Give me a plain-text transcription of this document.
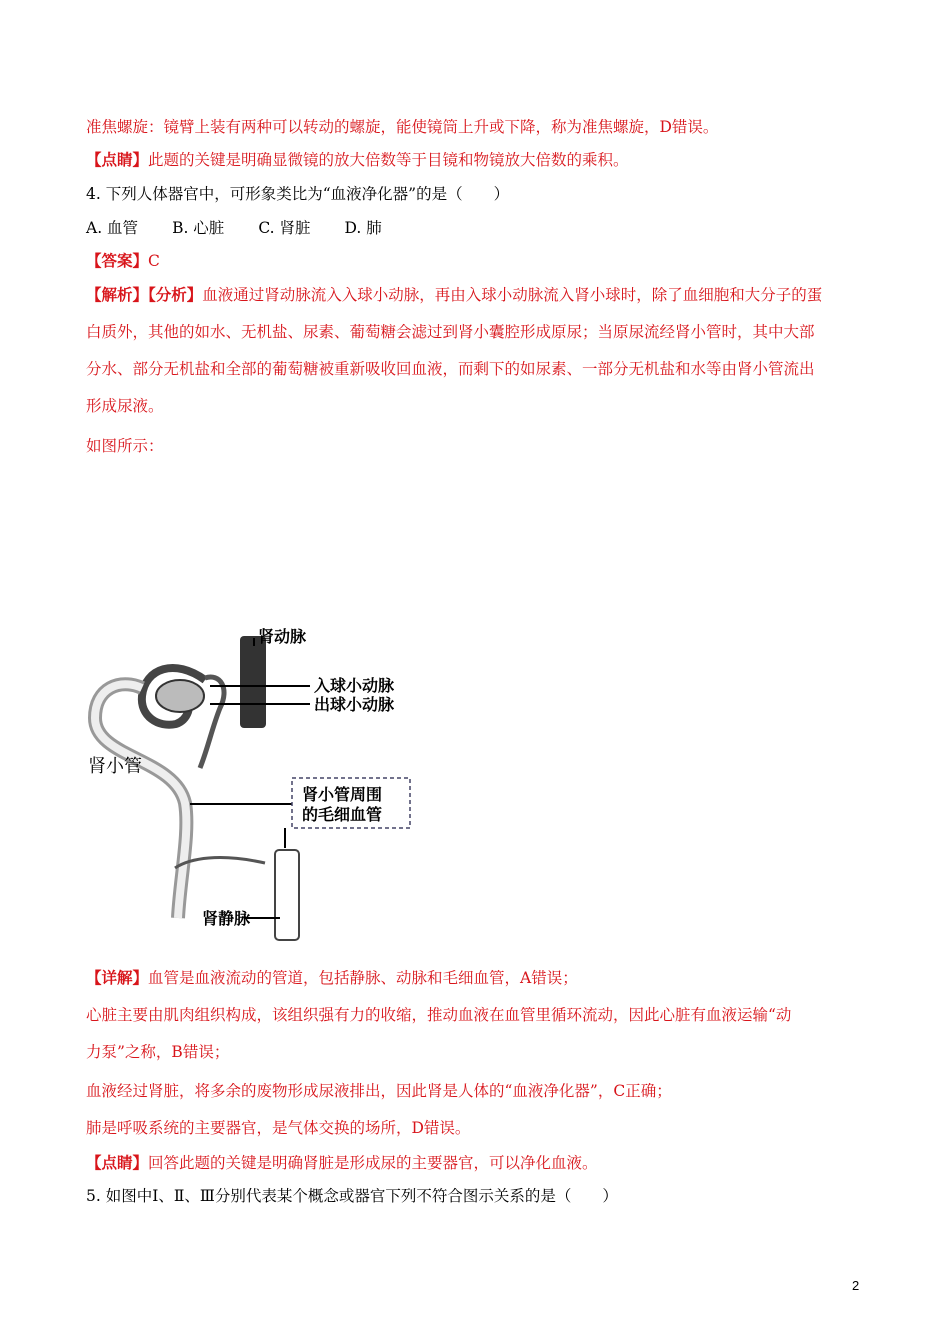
准焦螺旋：镜臂上装有两种可以转动的螺旋，能使镜筒上升或下降，称为准焦螺旋，D错误。
【点睛】此题的关键是明确显微镜的放大倍数等于目镜和物镜放大倍数的乘积。
4. 下列人体器官中，可形象类比为“血液净化器”的是（　　）
A. 血管 B. 心脏 C. 肾脏 D. 肺
【答案】C
【解析】【分析】血液通过肾动脉流入入球小动脉，再由入球小动脉流入肾小球时，除了血细胞和大分子的蛋
白质外，其他的如水、无机盐、尿素、葡萄糖会滤过到肾小囊腔形成原尿；当原尿流经肾小管时，其中大部
分水、部分无机盐和全部的葡萄糖被重新吸收回血液，而剩下的如尿素、一部分无机盐和水等由肾小管流出
形成尿液。
如图所示：
肾动脉
入球小动脉
出球小动脉
肾小管
肾小管周围
的毛细血管
肾静脉
【详解】血管是血液流动的管道，包括静脉、动脉和毛细血管，A错误；
心脏主要由肌肉组织构成，该组织强有力的收缩，推动血液在血管里循环流动，因此心脏有血液运输“动
力泵”之称，B错误；
血液经过肾脏，将多余的废物形成尿液排出，因此肾是人体的“血液净化器”，C正确；
肺是呼吸系统的主要器官，是气体交换的场所，D错误。
【点睛】回答此题的关键是明确肾脏是形成尿的主要器官，可以净化血液。
5. 如图中Ⅰ、Ⅱ、Ⅲ分别代表某个概念或器官下列不符合图示关系的是（　　）
2
